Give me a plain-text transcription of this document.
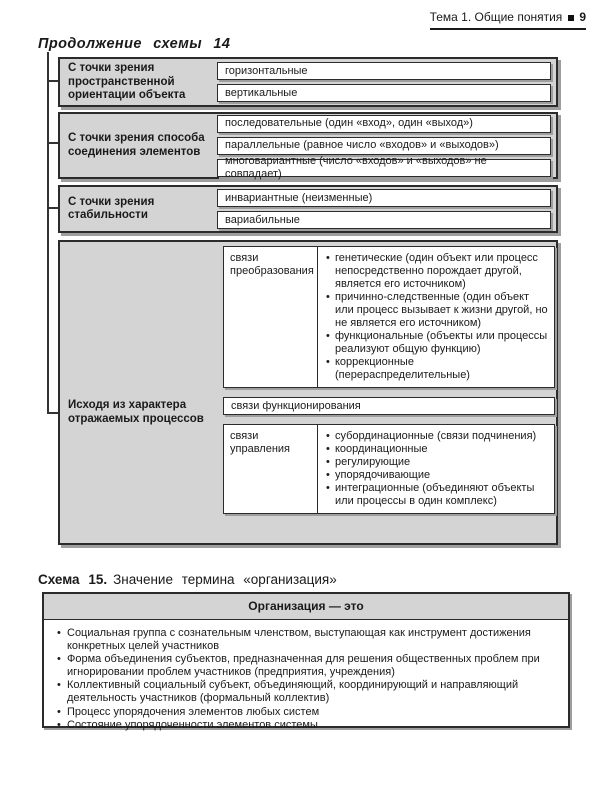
Тема 1. Общие понятия 9
Продолжение схемы 14
С точки зрения пространственной ориентации объекта
горизонтальные
вертикальные
С точки зрения способа соединения элементов
последовательные (один «вход», один «выход»)
параллельные (равное число «входов» и «выходов»)
многовариантные (число «входов» и «выходов» не совпадает)
С точки зрения стабильности
инвариантные (неизменные)
вариабильные
Исходя из характера отражаемых процессов
связи преобразования
• генетические (один объект или процесс непосредственно порождает другой, является его источником)
• причинно-следственные (один объект или процесс вызывает к жизни другой, но не является его источником)
• функциональные (объекты или процессы реализуют общую функцию)
• коррекционные (перераспределительные)
связи функционирования
связи управления
• субординационные (связи подчинения)
• координационные
• регулирующие
• упорядочивающие
• интеграционные (объединяют объекты или процессы в один комплекс)
Схема 15. Значение термина «организация»
Организация — это
• Социальная группа с сознательным членством, выступающая как инструмент достижения конкретных целей участников
• Форма объединения субъектов, предназначенная для решения общественных проблем при игнорировании проблем участников (предприятия, учреждения)
• Коллективный социальный субъект, объединяющий, координирующий и направляющий деятельность участников (формальный коллектив)
• Процесс упорядочения элементов любых систем
• Состояние упорядоченности элементов системы
